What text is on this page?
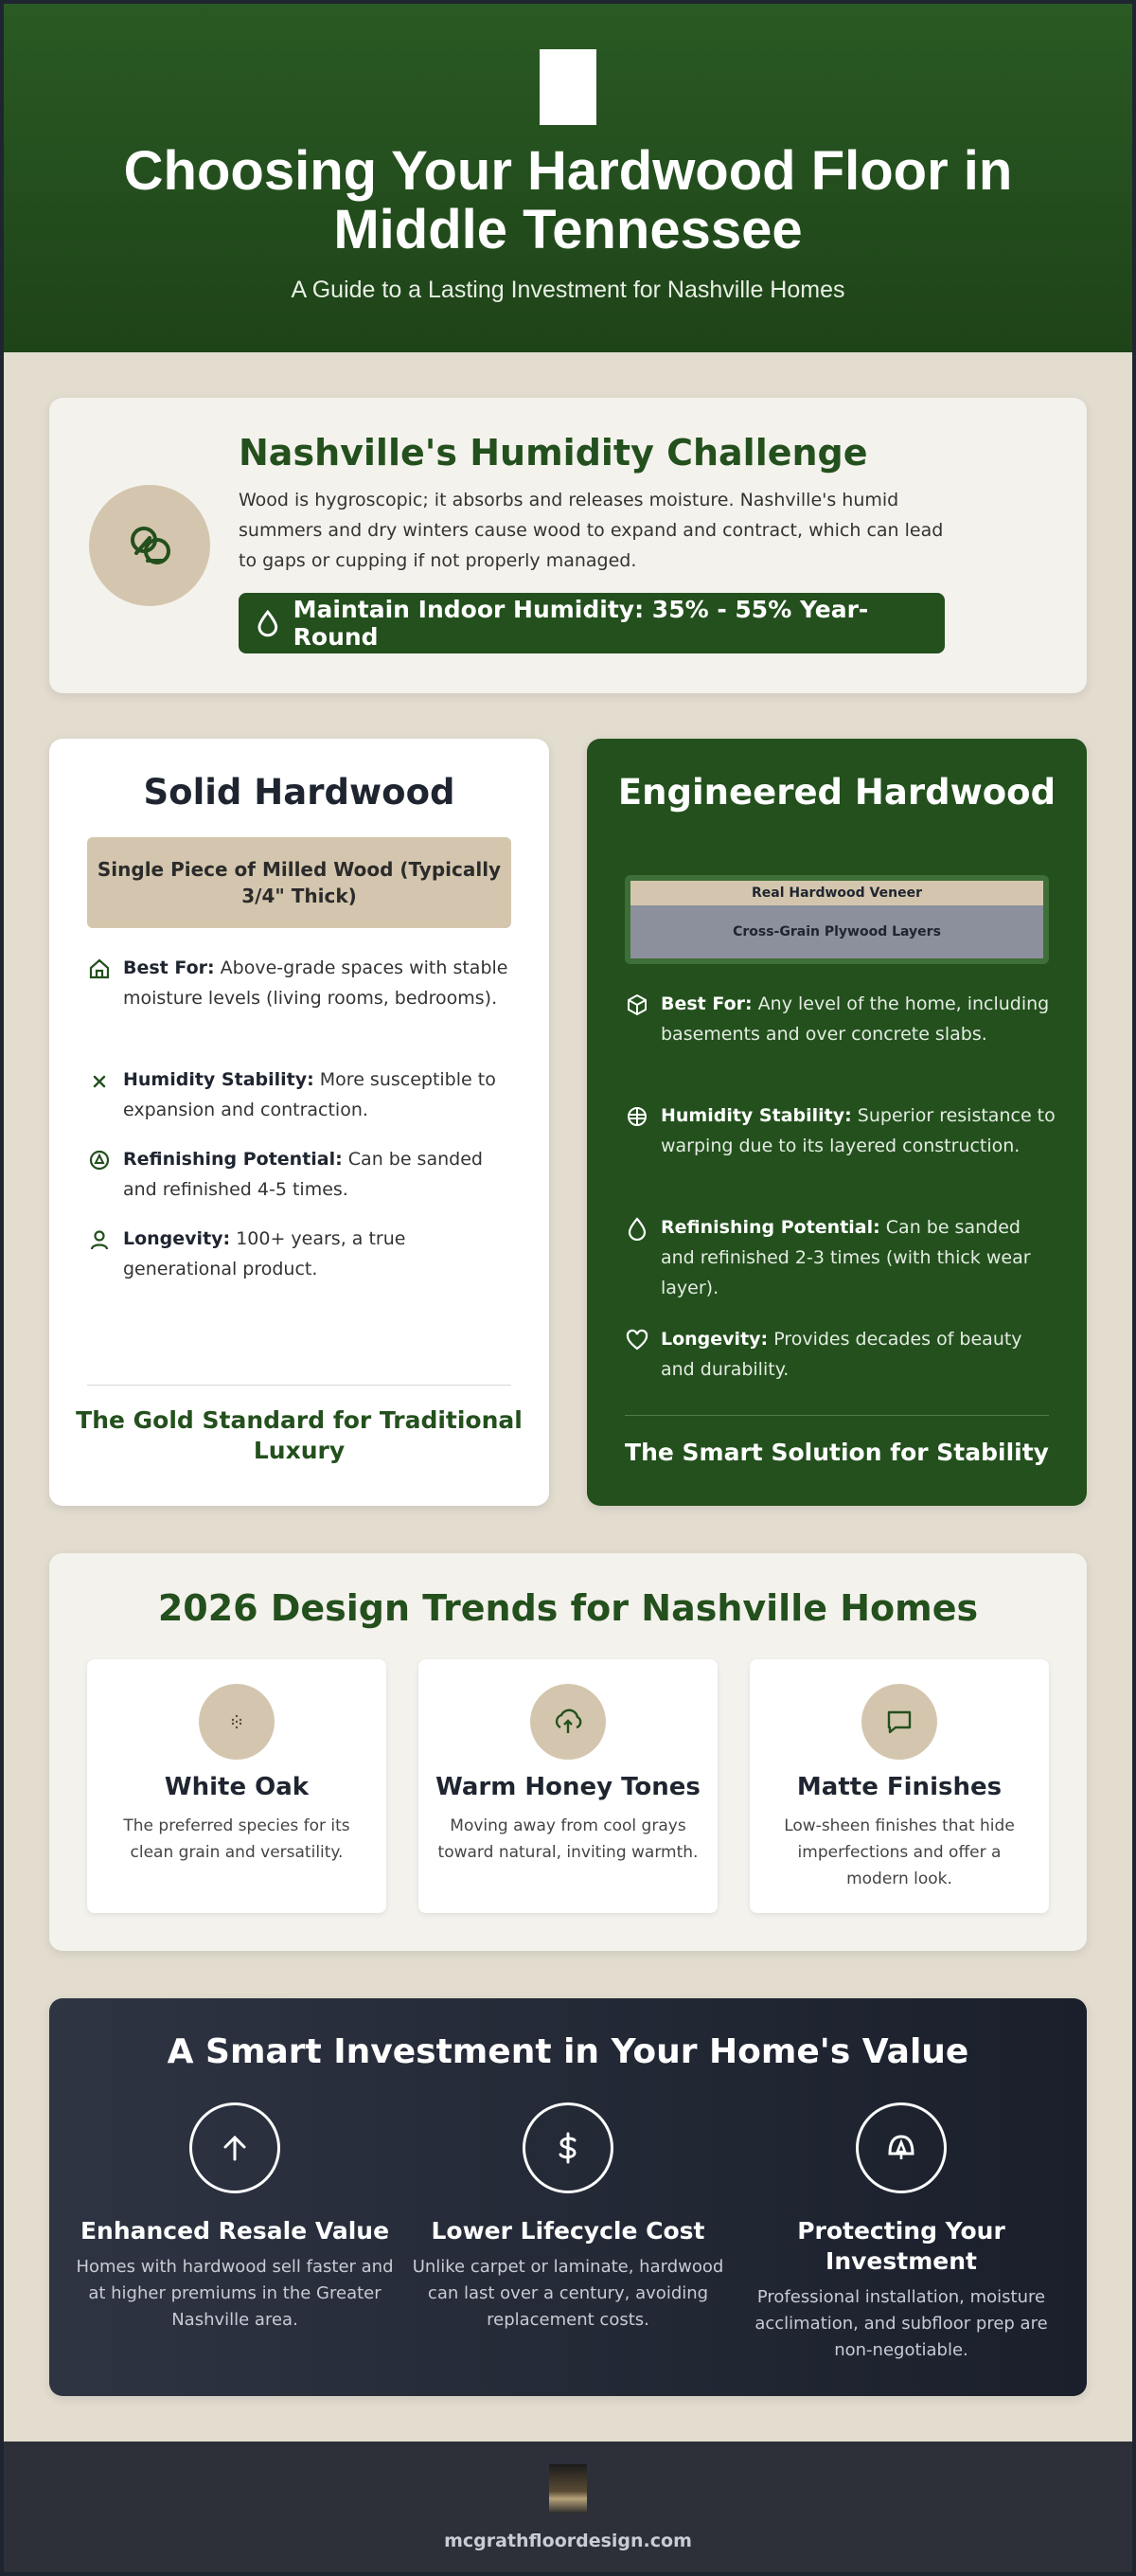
Choosing Your Hardwood Floor in Middle Tennessee
A Guide to a Lasting Investment for Nashville Homes
Nashville's Humidity Challenge

Wood is hygroscopic; it absorbs and releases moisture. Nashville's humid summers and dry winters cause wood to expand and contract, which can lead to gaps or cupping if not properly managed.

Maintain Indoor Humidity: 35% - 55% Year-Round
Solid Hardwood
Single Piece of Milled Wood (Typically 3/4" Thick)
Best For: Above-grade spaces with stable moisture levels (living rooms, bedrooms).
Humidity Stability: More susceptible to expansion and contraction.
Refinishing Potential: Can be sanded and refinished 4-5 times.
Longevity: 100+ years, a true generational product.
The Gold Standard for Traditional Luxury
Engineered Hardwood
Real Hardwood Veneer
Cross-Grain Plywood Layers
Best For: Any level of the home, including basements and over concrete slabs.
Humidity Stability: Superior resistance to warping due to its layered construction.
Refinishing Potential: Can be sanded and refinished 2-3 times (with thick wear layer).
Longevity: Provides decades of beauty and durability.
The Smart Solution for Stability
2026 Design Trends for Nashville Homes
White Oak

The preferred species for its clean grain and versatility.

Warm Honey Tones

Moving away from cool grays toward natural, inviting warmth.

Matte Finishes

Low-sheen finishes that hide imperfections and offer a modern look.

A Smart Investment in Your Home's Value
Enhanced Resale Value

Homes with hardwood sell faster and at higher premiums in the Greater Nashville area.

Lower Lifecycle Cost

Unlike carpet or laminate, hardwood can last over a century, avoiding replacement costs.

Protecting Your Investment

Professional installation, moisture acclimation, and subfloor prep are non-negotiable.

mcgrathfloordesign.com
